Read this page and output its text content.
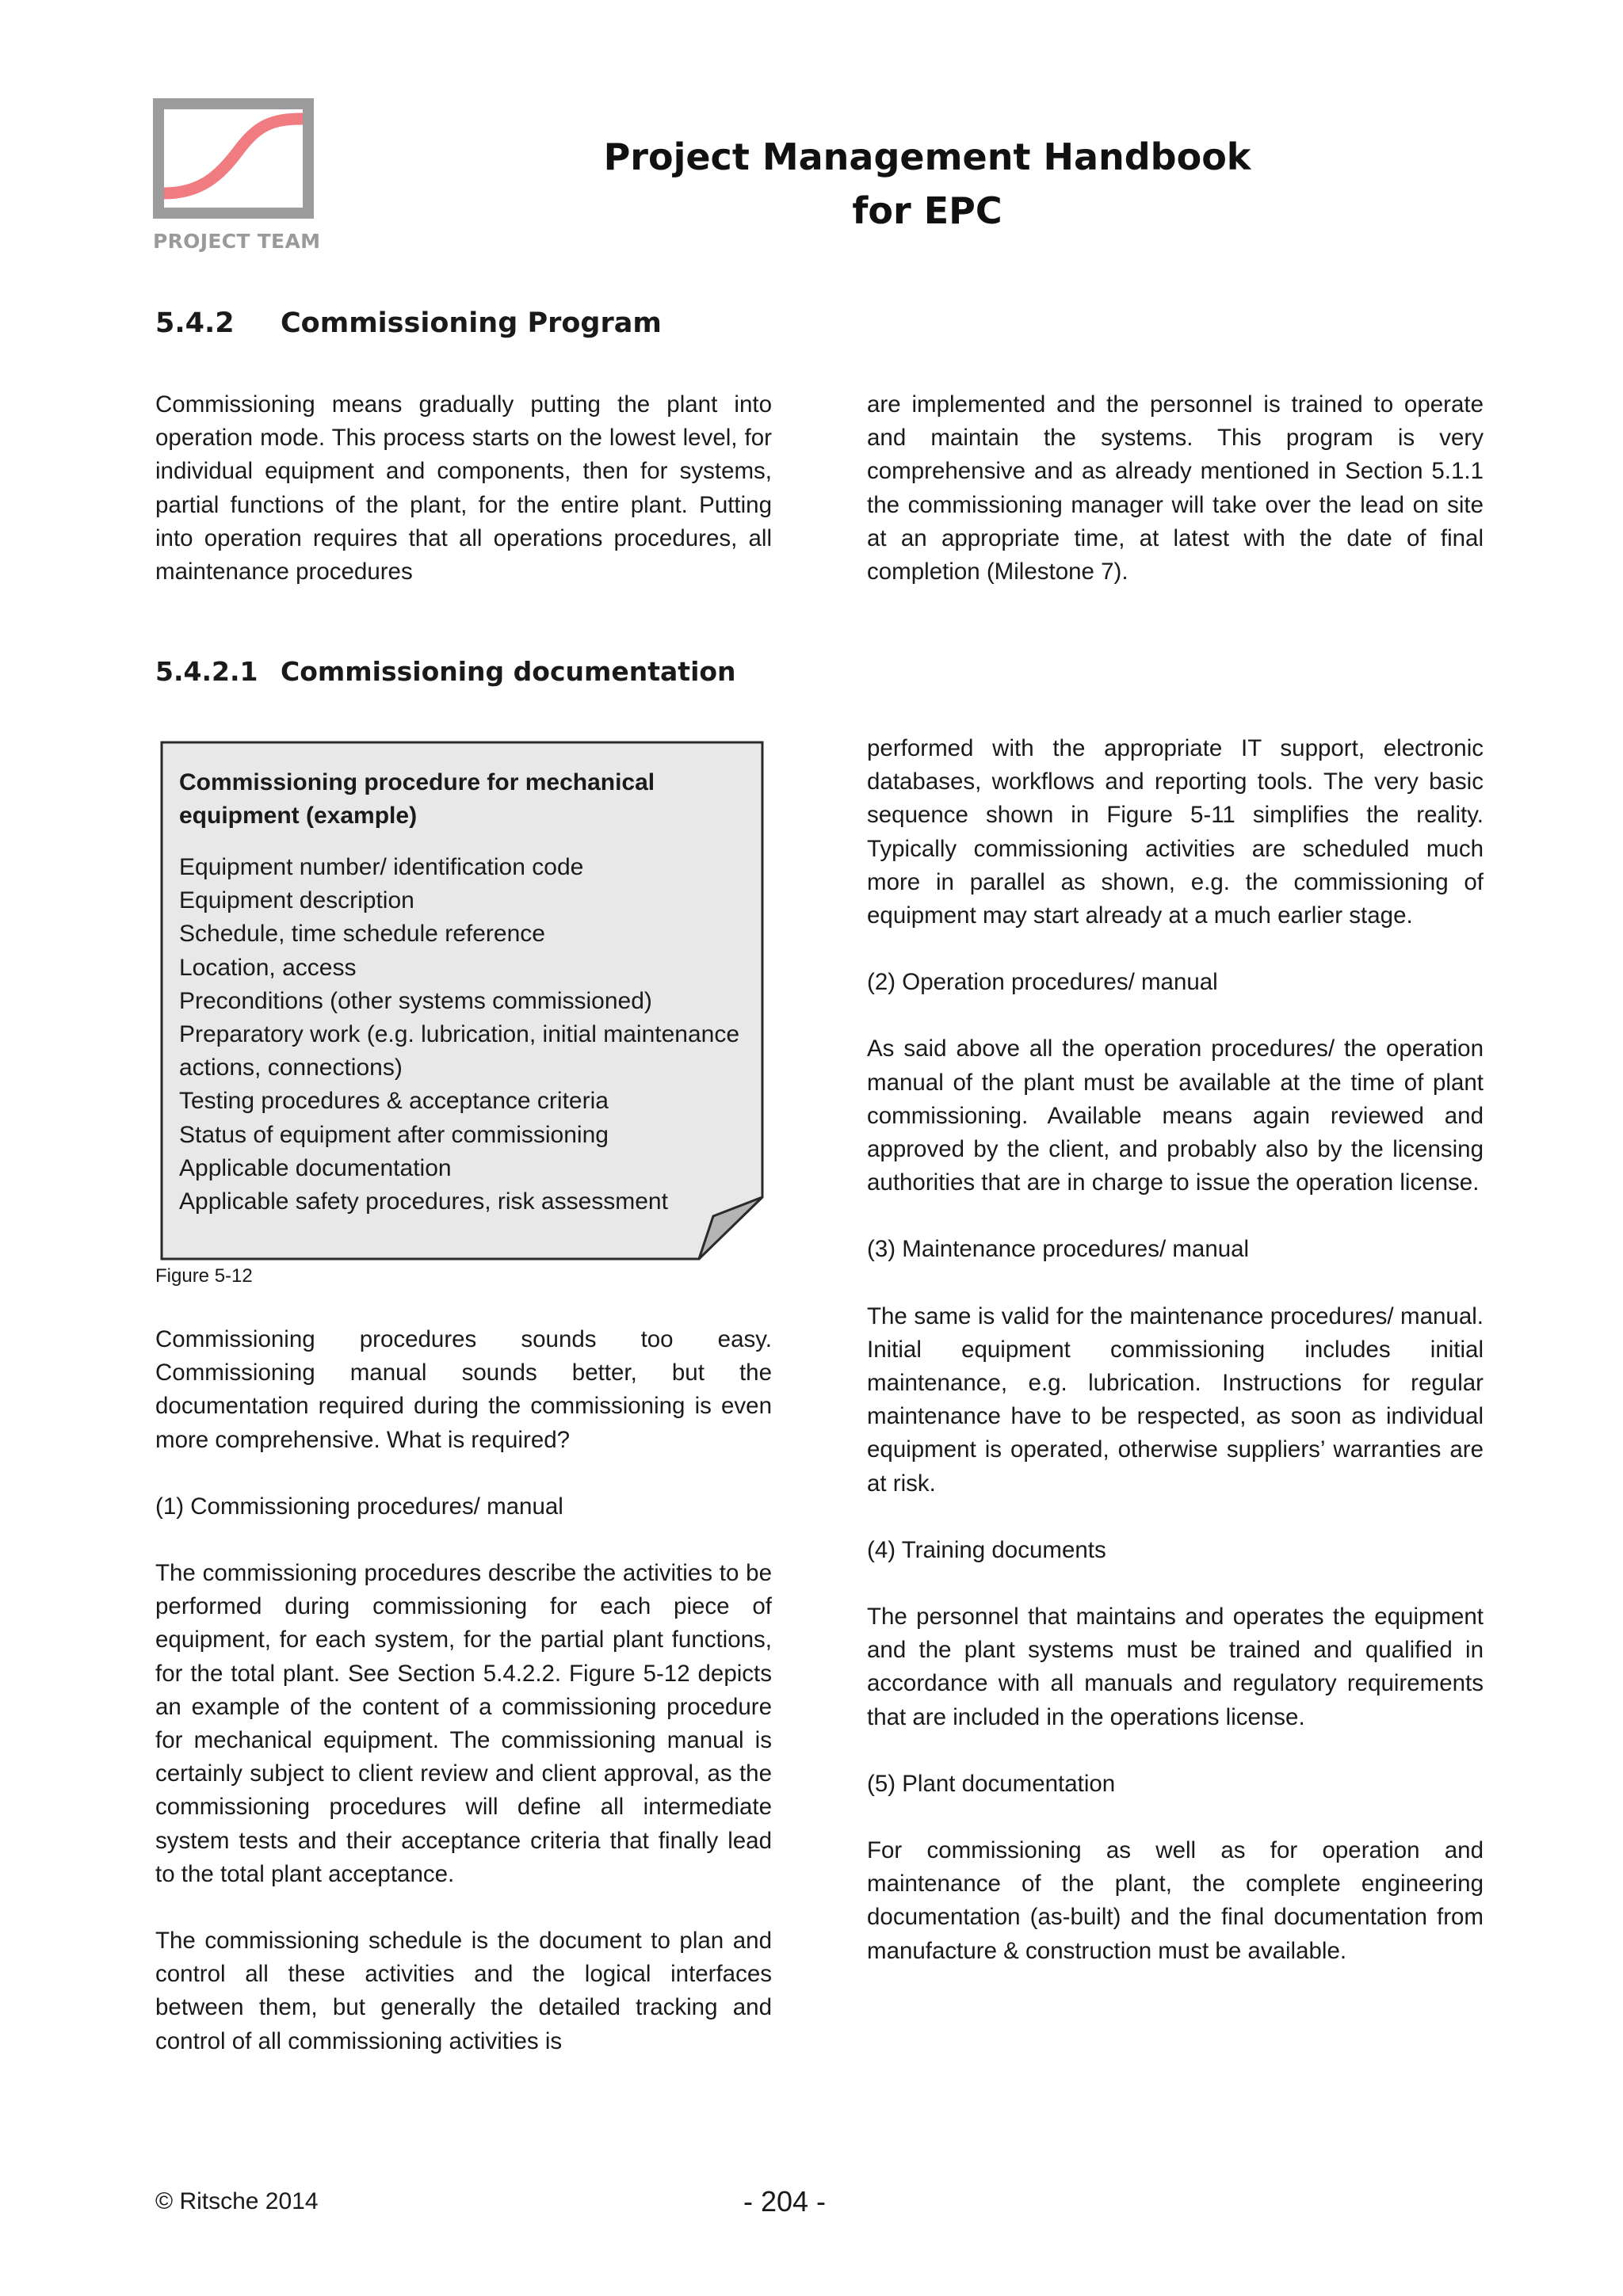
PROJECT TEAM
Project Management Handbook
for EPC
5.4.2 Commissioning Program

Commissioning means gradually putting the plant into operation mode. This process starts on the lowest level, for individual equipment and components, then for systems, partial functions of the plant, for the entire plant. Putting into operation requires that all operations procedures, all maintenance procedures

are implemented and the personnel is trained to operate and maintain the systems. This program is very comprehensive and as already mentioned in Section 5.1.1 the commissioning manager will take over the lead on site at an appropriate time, at latest with the date of final completion (Milestone 7).

5.4.2.1 Commissioning documentation
Commissioning procedure for mechanical equipment (example)
Equipment number/ identification code
Equipment description
Schedule, time schedule reference
Location, access
Preconditions (other systems commissioned)
Preparatory work (e.g. lubrication, initial maintenance actions, connections)
Testing procedures & acceptance criteria
Status of equipment after commissioning
Applicable documentation
Applicable safety procedures, risk assessment
Figure 5-12

Commissioning procedures sounds too easy. Commissioning manual sounds better, but the documentation required during the commissioning is even more comprehensive. What is required?

(1) Commissioning procedures/ manual

The commissioning procedures describe the activities to be performed during commissioning for each piece of equipment, for each system, for the partial plant functions, for the total plant. See Section 5.4.2.2. Figure 5-12 depicts an example of the content of a commissioning procedure for mechanical equipment. The commissioning manual is certainly subject to client review and client approval, as the commissioning procedures will define all intermediate system tests and their acceptance criteria that finally lead to the total plant acceptance.

The commissioning schedule is the document to plan and control all these activities and the logical interfaces between them, but generally the detailed tracking and control of all commissioning activities is

performed with the appropriate IT support, electronic databases, workflows and reporting tools. The very basic sequence shown in Figure 5-11 simplifies the reality. Typically commissioning activities are scheduled much more in parallel as shown, e.g. the commissioning of equipment may start already at a much earlier stage.

(2) Operation procedures/ manual

As said above all the operation procedures/ the operation manual of the plant must be available at the time of plant commissioning. Available means again reviewed and approved by the client, and probably also by the licensing authorities that are in charge to issue the operation license.

(3) Maintenance procedures/ manual

The same is valid for the maintenance procedures/ manual. Initial equipment commissioning includes initial maintenance, e.g. lubrication. Instructions for regular maintenance have to be respected, as soon as individual equipment is operated, otherwise suppliers’ warranties are at risk.

(4) Training documents

The personnel that maintains and operates the equipment and the plant systems must be trained and qualified in accordance with all manuals and regulatory requirements that are included in the operations license.

(5) Plant documentation

For commissioning as well as for operation and maintenance of the plant, the complete engineering documentation (as-built) and the final documentation from manufacture & construction must be available.

© Ritsche 2014	- 204 -
